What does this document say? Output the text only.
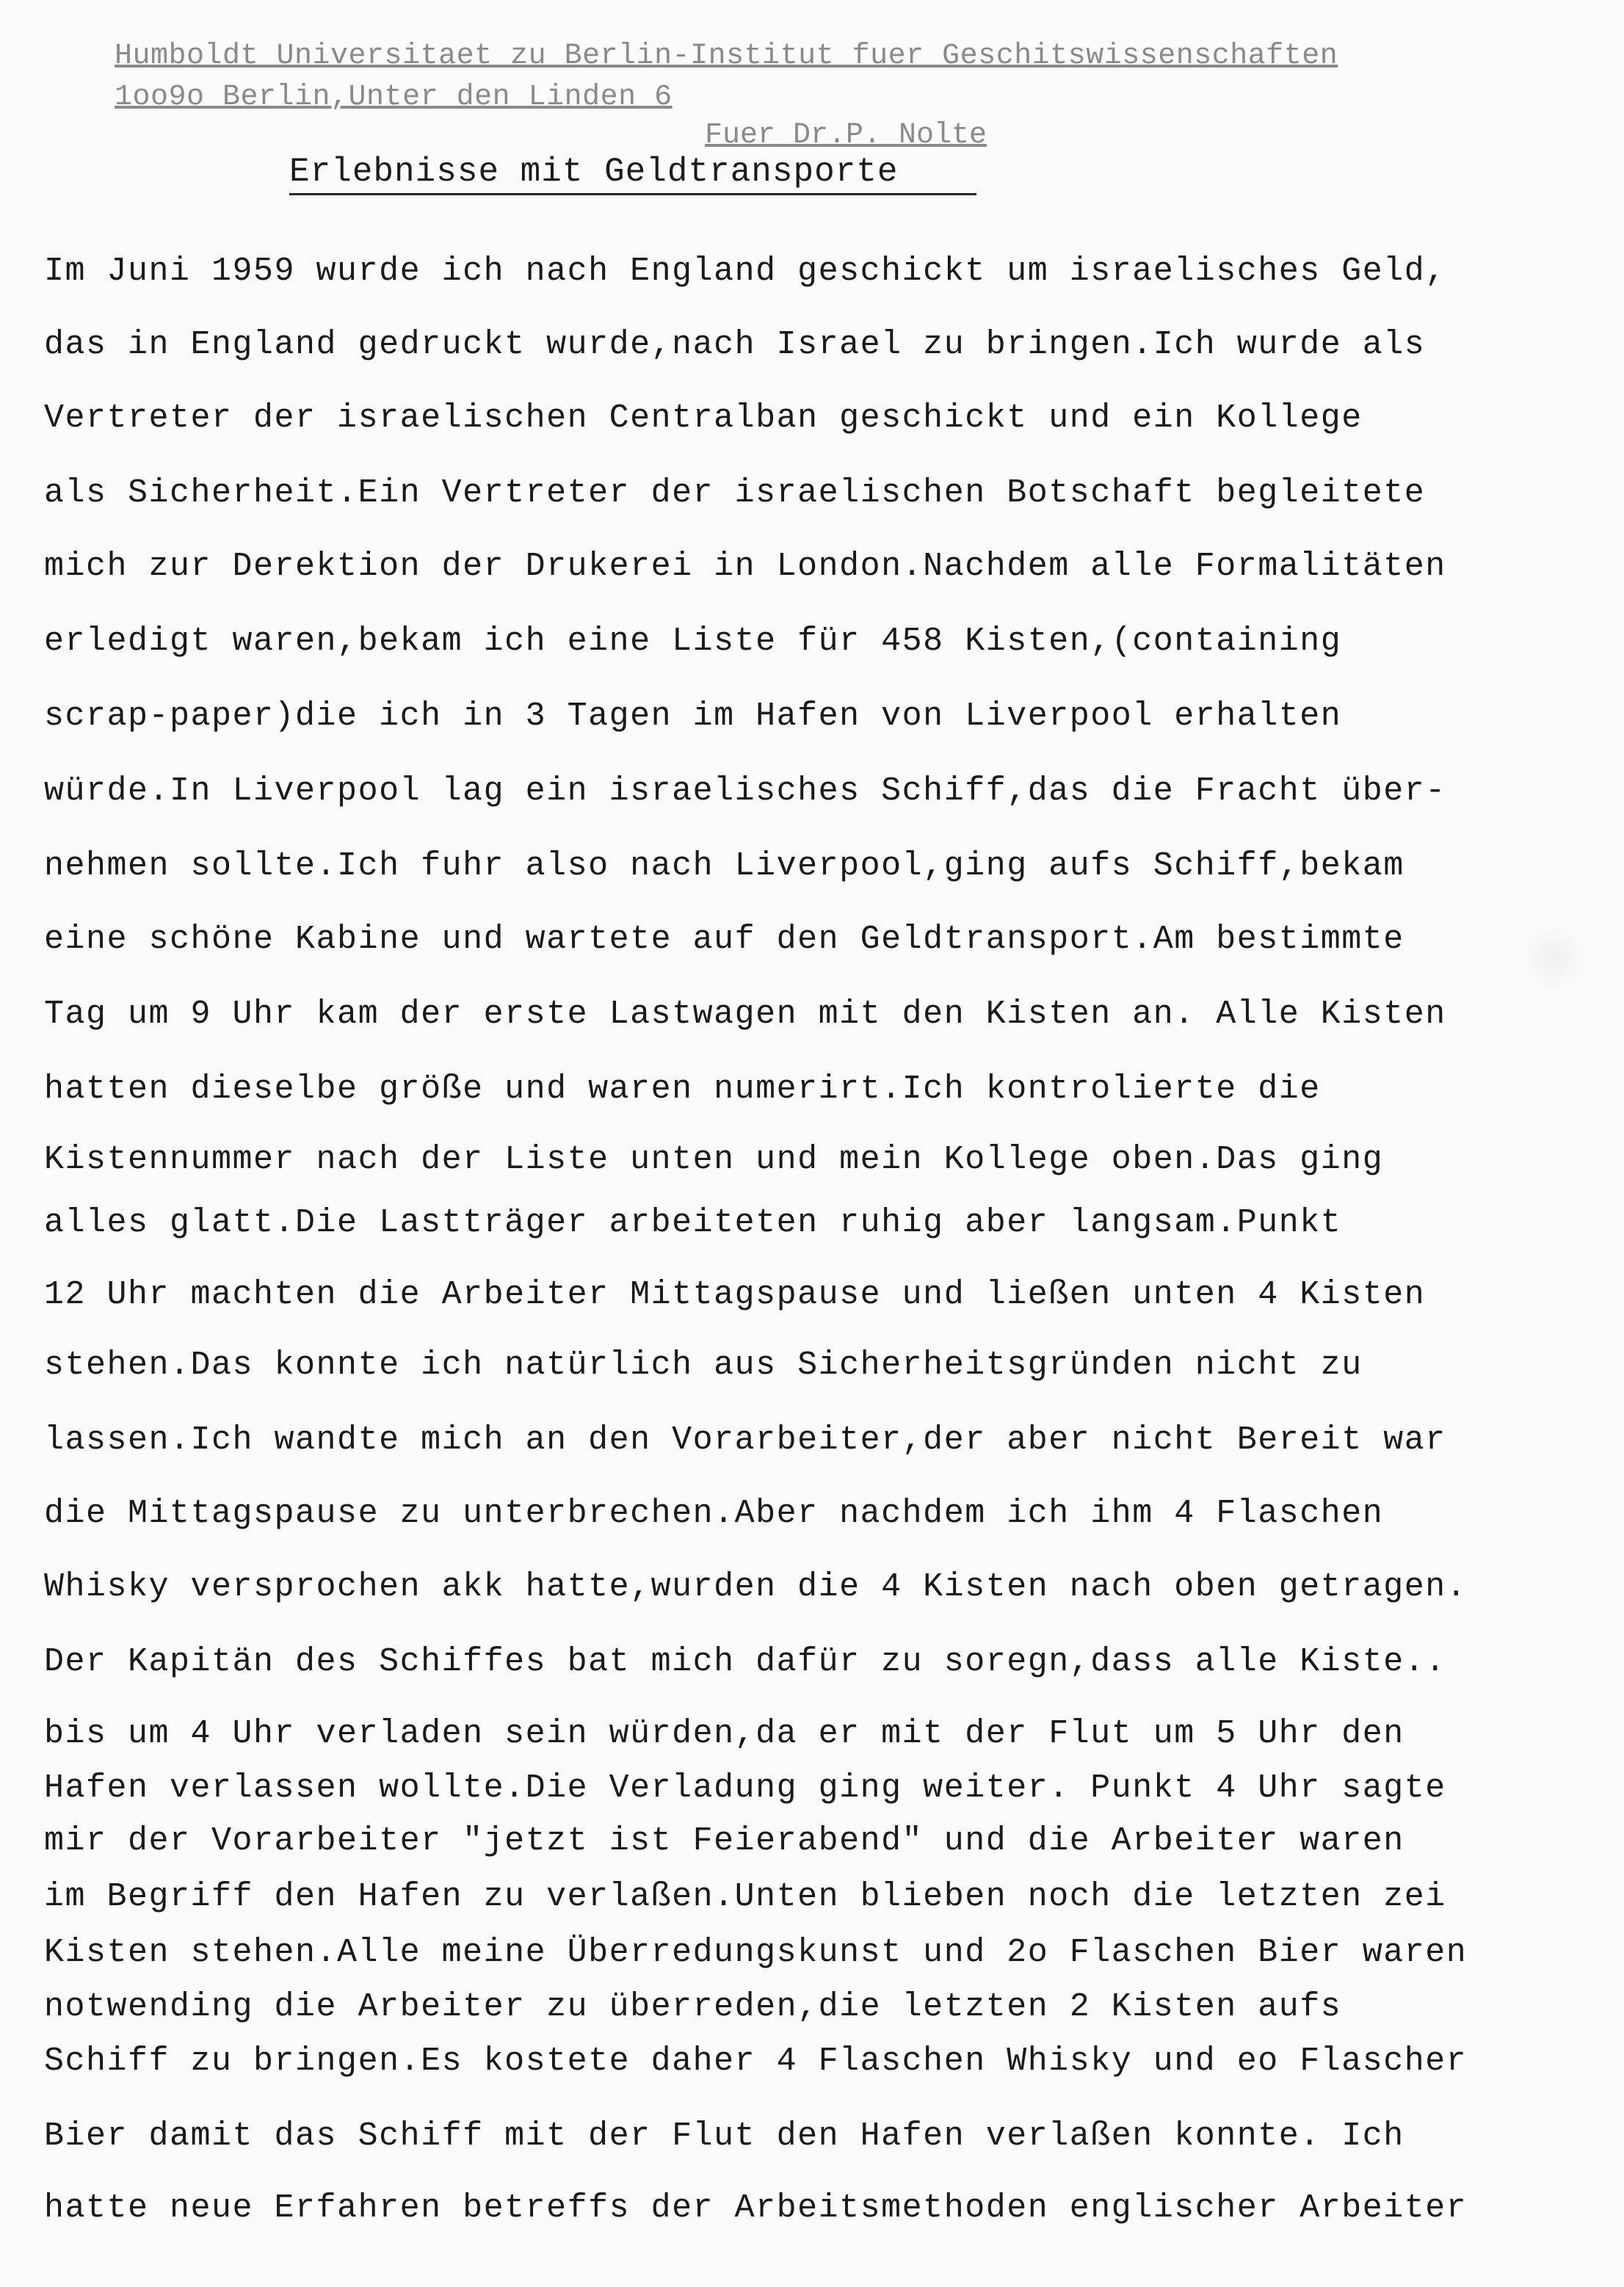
Humboldt Universitaet zu Berlin-Institut fuer Geschitswissenschaften
1oo9o Berlin,Unter den Linden 6
Fuer Dr.P. Nolte
Erlebnisse mit Geldtransporte
Im Juni 1959 wurde ich nach England geschickt um israelisches Geld,
das in England gedruckt wurde,nach Israel zu bringen.Ich wurde als
Vertreter der israelischen Centralban geschickt und ein Kollege
als Sicherheit.Ein Vertreter der israelischen Botschaft begleitete
mich zur Derektion der Drukerei in London.Nachdem alle Formalitäten
erledigt waren,bekam ich eine Liste für 458 Kisten,(containing
scrap-paper)die ich in 3 Tagen im Hafen von Liverpool erhalten
würde.In Liverpool lag ein israelisches Schiff,das die Fracht über-
nehmen sollte.Ich fuhr also nach Liverpool,ging aufs Schiff,bekam
eine schöne Kabine und wartete auf den Geldtransport.Am bestimmte
Tag um 9 Uhr kam der erste Lastwagen mit den Kisten an. Alle Kisten
hatten dieselbe größe und waren numerirt.Ich kontrolierte die
Kistennummer nach der Liste unten und mein Kollege oben.Das ging
alles glatt.Die Lastträger arbeiteten ruhig aber langsam.Punkt
12 Uhr machten die Arbeiter Mittagspause und ließen unten 4 Kisten
stehen.Das konnte ich natürlich aus Sicherheitsgründen nicht zu
lassen.Ich wandte mich an den Vorarbeiter,der aber nicht Bereit war
die Mittagspause zu unterbrechen.Aber nachdem ich ihm 4 Flaschen
Whisky versprochen akk hatte,wurden die 4 Kisten nach oben getragen.
Der Kapitän des Schiffes bat mich dafür zu soregn,dass alle Kiste..
bis um 4 Uhr verladen sein würden,da er mit der Flut um 5 Uhr den
Hafen verlassen wollte.Die Verladung ging weiter. Punkt 4 Uhr sagte
mir der Vorarbeiter "jetzt ist Feierabend" und die Arbeiter waren
im Begriff den Hafen zu verlaßen.Unten blieben noch die letzten zei
Kisten stehen.Alle meine Überredungskunst und 2o Flaschen Bier waren
notwending die Arbeiter zu überreden,die letzten 2 Kisten aufs
Schiff zu bringen.Es kostete daher 4 Flaschen Whisky und eo Flascher
Bier damit das Schiff mit der Flut den Hafen verlaßen konnte. Ich
hatte neue Erfahren betreffs der Arbeitsmethoden englischer Arbeiter
